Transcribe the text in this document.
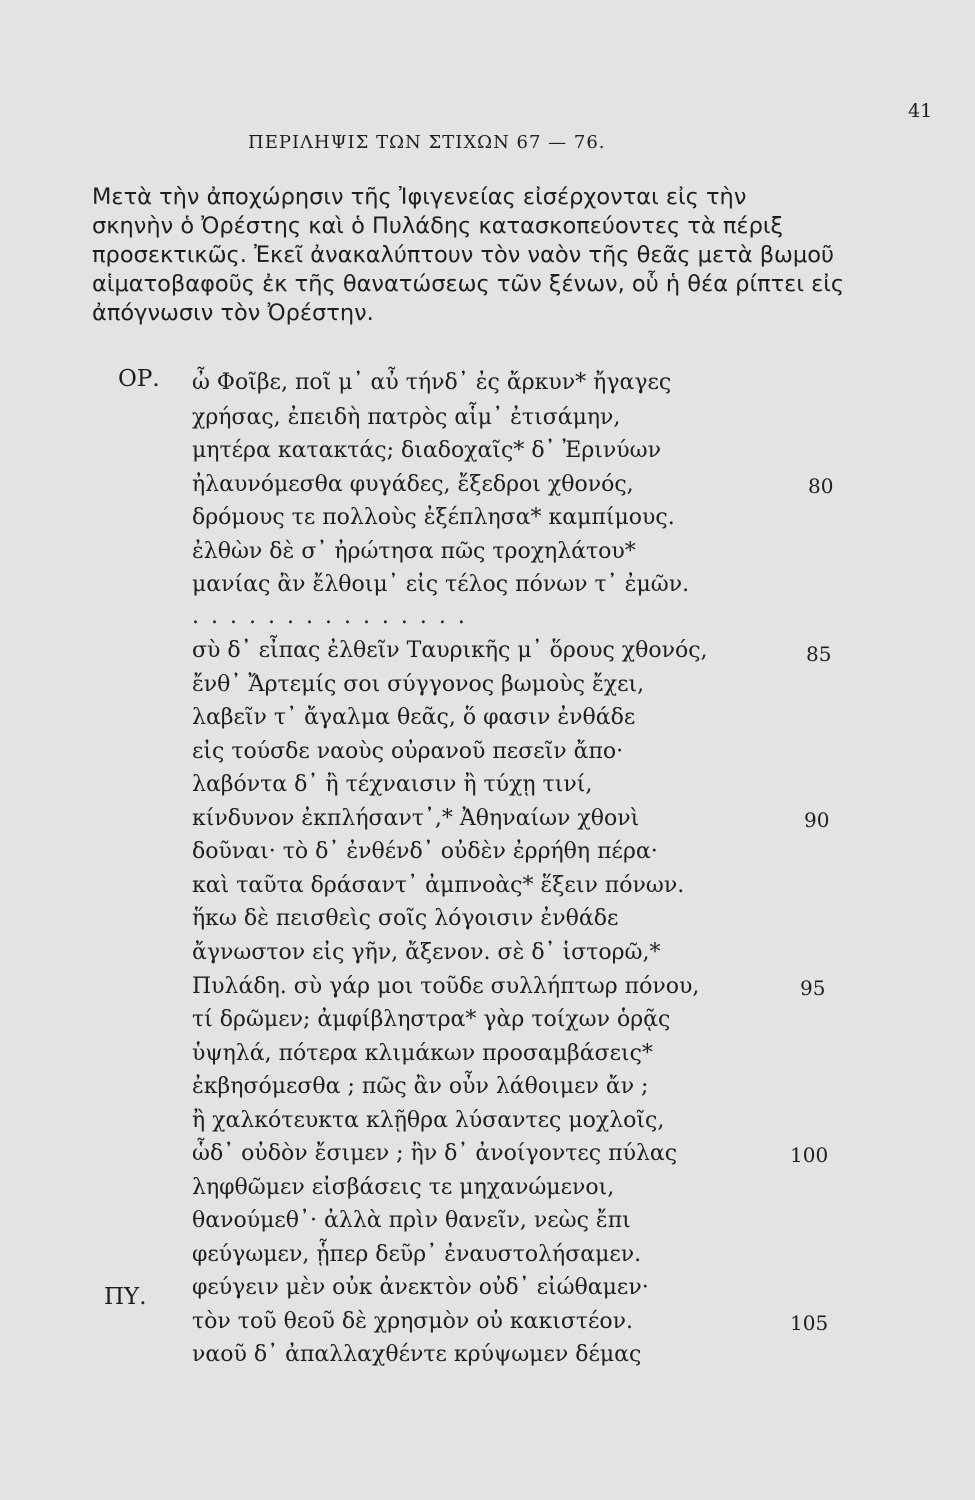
41
ΠΕΡΙΛΗΨΙΣ ΤΩΝ ΣΤΙΧΩΝ 67 — 76.
Μετὰ τὴν ἀποχώρησιν τῆς Ἰφιγενείας εἰσέρχονται εἰς τὴν
σκηνὴν ὁ Ὀρέστης καὶ ὁ Πυλάδης κατασκοπεύοντες τὰ πέριξ
προσεκτικῶς. Ἐκεῖ ἀνακαλύπτουν τὸν ναὸν τῆς θεᾶς μετὰ βωμοῦ
αἱματοβαφοῦς ἐκ τῆς θανατώσεως τῶν ξένων, οὗ ἡ θέα ρίπτει εἰς
ἀπόγνωσιν τὸν Ὀρέστην.
ΟΡ.
ΠΥ.
ὦ Φοῖβε, ποῖ μ᾽ αὖ τήνδ᾽ ἐς ἄρκυν* ἤγαγες
χρήσας, ἐπειδὴ πατρὸς αἷμ᾽ ἐτισάμην,
μητέρα κατακτάς; διαδοχαῖς* δ᾽ Ἐρινύων
ἠλαυνόμεσθα φυγάδες, ἔξεδροι χθονός,
δρόμους τε πολλοὺς ἐξέπλησα* καμπίμους.
ἐλθὼν δὲ σ᾽ ἠρώτησα πῶς τροχηλάτου*
μανίας ἂν ἔλθοιμ᾽ εἰς τέλος πόνων τ᾽ ἐμῶν.
...............
σὺ δ᾽ εἶπας ἐλθεῖν Ταυρικῆς μ᾽ ὅρους χθονός,
ἔνθ᾽ Ἄρτεμίς σοι σύγγονος βωμοὺς ἔχει,
λαβεῖν τ᾽ ἄγαλμα θεᾶς, ὅ φασιν ἐνθάδε
εἰς τούσδε ναοὺς οὐρανοῦ πεσεῖν ἄπο·
λαβόντα δ᾽ ἢ τέχναισιν ἢ τύχῃ τινί,
κίνδυνον ἐκπλήσαντ᾽,* Ἀθηναίων χθονὶ
δοῦναι· τὸ δ᾽ ἐνθένδ᾽ οὐδὲν ἐρρήθη πέρα·
καὶ ταῦτα δράσαντ᾽ ἀμπνοὰς* ἕξειν πόνων.
ἥκω δὲ πεισθεὶς σοῖς λόγοισιν ἐνθάδε
ἄγνωστον εἰς γῆν, ἄξενον. σὲ δ᾽ ἱστορῶ,*
Πυλάδη. σὺ γάρ μοι τοῦδε συλλήπτωρ πόνου,
τί δρῶμεν; ἀμφίβληστρα* γὰρ τοίχων ὁρᾷς
ὑψηλά, πότερα κλιμάκων προσαμβάσεις*
ἐκβησόμεσθα ; πῶς ἂν οὖν λάθοιμεν ἄν ;
ἢ χαλκότευκτα κλῇθρα λύσαντες μοχλοῖς,
ὧδ᾽ οὐδὸν ἔσιμεν ; ἢν δ᾽ ἀνοίγοντες πύλας
ληφθῶμεν εἰσβάσεις τε μηχανώμενοι,
θανούμεθ᾽· ἀλλὰ πρὶν θανεῖν, νεὼς ἔπι
φεύγωμεν, ᾗπερ δεῦρ᾽ ἐναυστολήσαμεν.
φεύγειν μὲν οὐκ ἀνεκτὸν οὐδ᾽ εἰώθαμεν·
τὸν τοῦ θεοῦ δὲ χρησμὸν οὐ κακιστέον.
ναοῦ δ᾽ ἀπαλλαχθέντε κρύψωμεν δέμας
80
85
90
95
100
105
